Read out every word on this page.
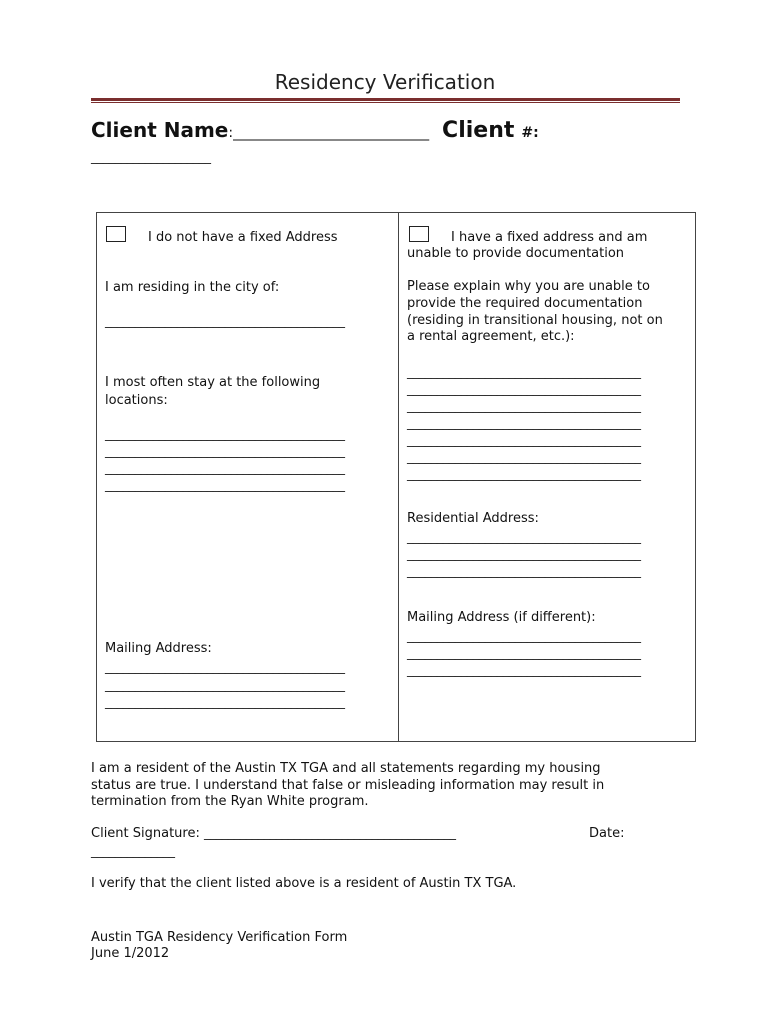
Residency Verification
Client Name:____________________________ Client #:
____________________
I do not have a fixed Address
I am residing in the city of:
________________________________________
I most often stay at the following
locations:
________________________________________
________________________________________
________________________________________
________________________________________
Mailing Address:
________________________________________
________________________________________
________________________________________
I have a fixed address and am
unable to provide documentation
Please explain why you are unable to
provide the required documentation
(residing in transitional housing, not on
a rental agreement, etc.):
_______________________________________
_______________________________________
_______________________________________
_______________________________________
_______________________________________
_______________________________________
_______________________________________
Residential Address:
_______________________________________
_______________________________________
_______________________________________
Mailing Address (if different):
_______________________________________
_______________________________________
_______________________________________
I am a resident of the Austin TX TGA and all statements regarding my housing
status are true. I understand that false or misleading information may result in
termination from the Ryan White program.
Client Signature: __________________________________________	Date:
______________
I verify that the client listed above is a resident of Austin TX TGA.
Austin TGA Residency Verification Form
June 1/2012
